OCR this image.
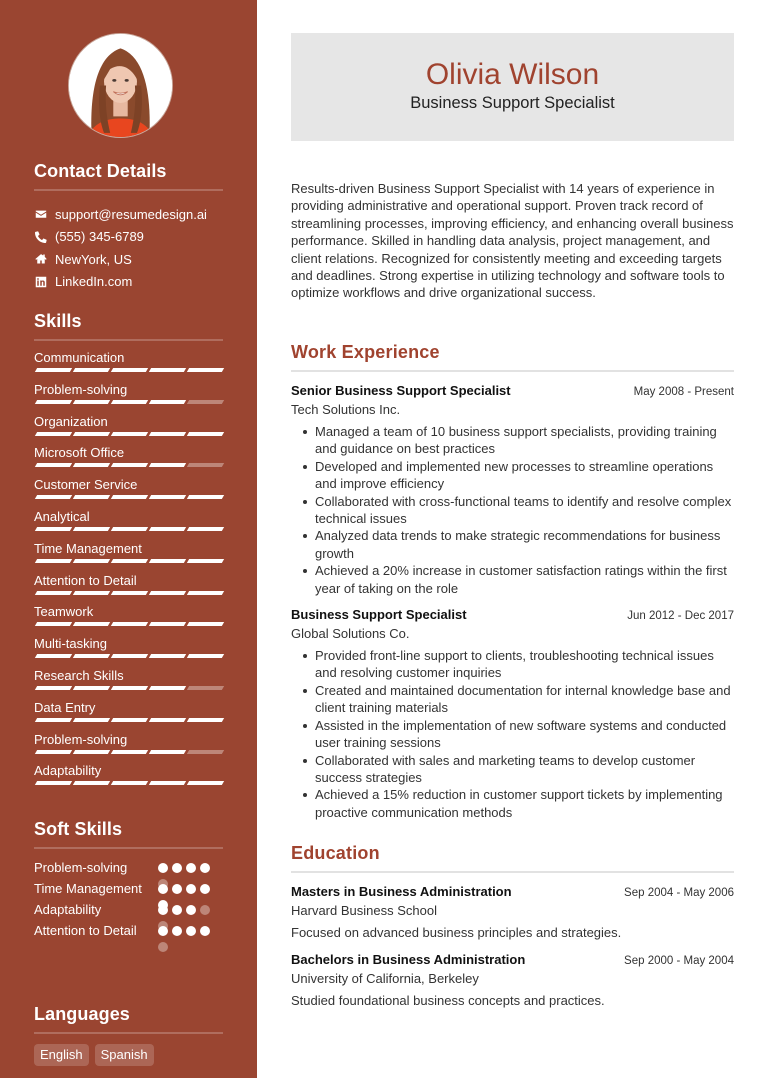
Contact Details
support@resumedesign.ai
(555) 345-6789
NewYork, US
LinkedIn.com
Skills
Communication
Problem-solving
Organization
Microsoft Office
Customer Service
Analytical
Time Management
Attention to Detail
Teamwork
Multi-tasking
Research Skills
Data Entry
Problem-solving
Adaptability
Soft Skills
Problem-solving
Time Management
Adaptability
Attention to Detail
Languages
English	Spanish
Olivia Wilson
Business Support Specialist

Results-driven Business Support Specialist with 14 years of experience in providing administrative and operational support. Proven track record of streamlining processes, improving efficiency, and enhancing overall business performance. Skilled in handling data analysis, project management, and client relations. Recognized for consistently meeting and exceeding targets and deadlines. Strong expertise in utilizing technology and software tools to optimize workflows and drive organizational success.

Work Experience
Senior Business Support Specialist	May 2008 - Present
Tech Solutions Inc.
Managed a team of 10 business support specialists, providing training and guidance on best practices
Developed and implemented new processes to streamline operations and improve efficiency
Collaborated with cross-functional teams to identify and resolve complex technical issues
Analyzed data trends to make strategic recommendations for business growth
Achieved a 20% increase in customer satisfaction ratings within the first year of taking on the role
Business Support Specialist	Jun 2012 - Dec 2017
Global Solutions Co.
Provided front-line support to clients, troubleshooting technical issues and resolving customer inquiries
Created and maintained documentation for internal knowledge base and client training materials
Assisted in the implementation of new software systems and conducted user training sessions
Collaborated with sales and marketing teams to develop customer success strategies
Achieved a 15% reduction in customer support tickets by implementing proactive communication methods
Education
Masters in Business Administration	Sep 2004 - May 2006
Harvard Business School
Focused on advanced business principles and strategies.
Bachelors in Business Administration	Sep 2000 - May 2004
University of California, Berkeley
Studied foundational business concepts and practices.
